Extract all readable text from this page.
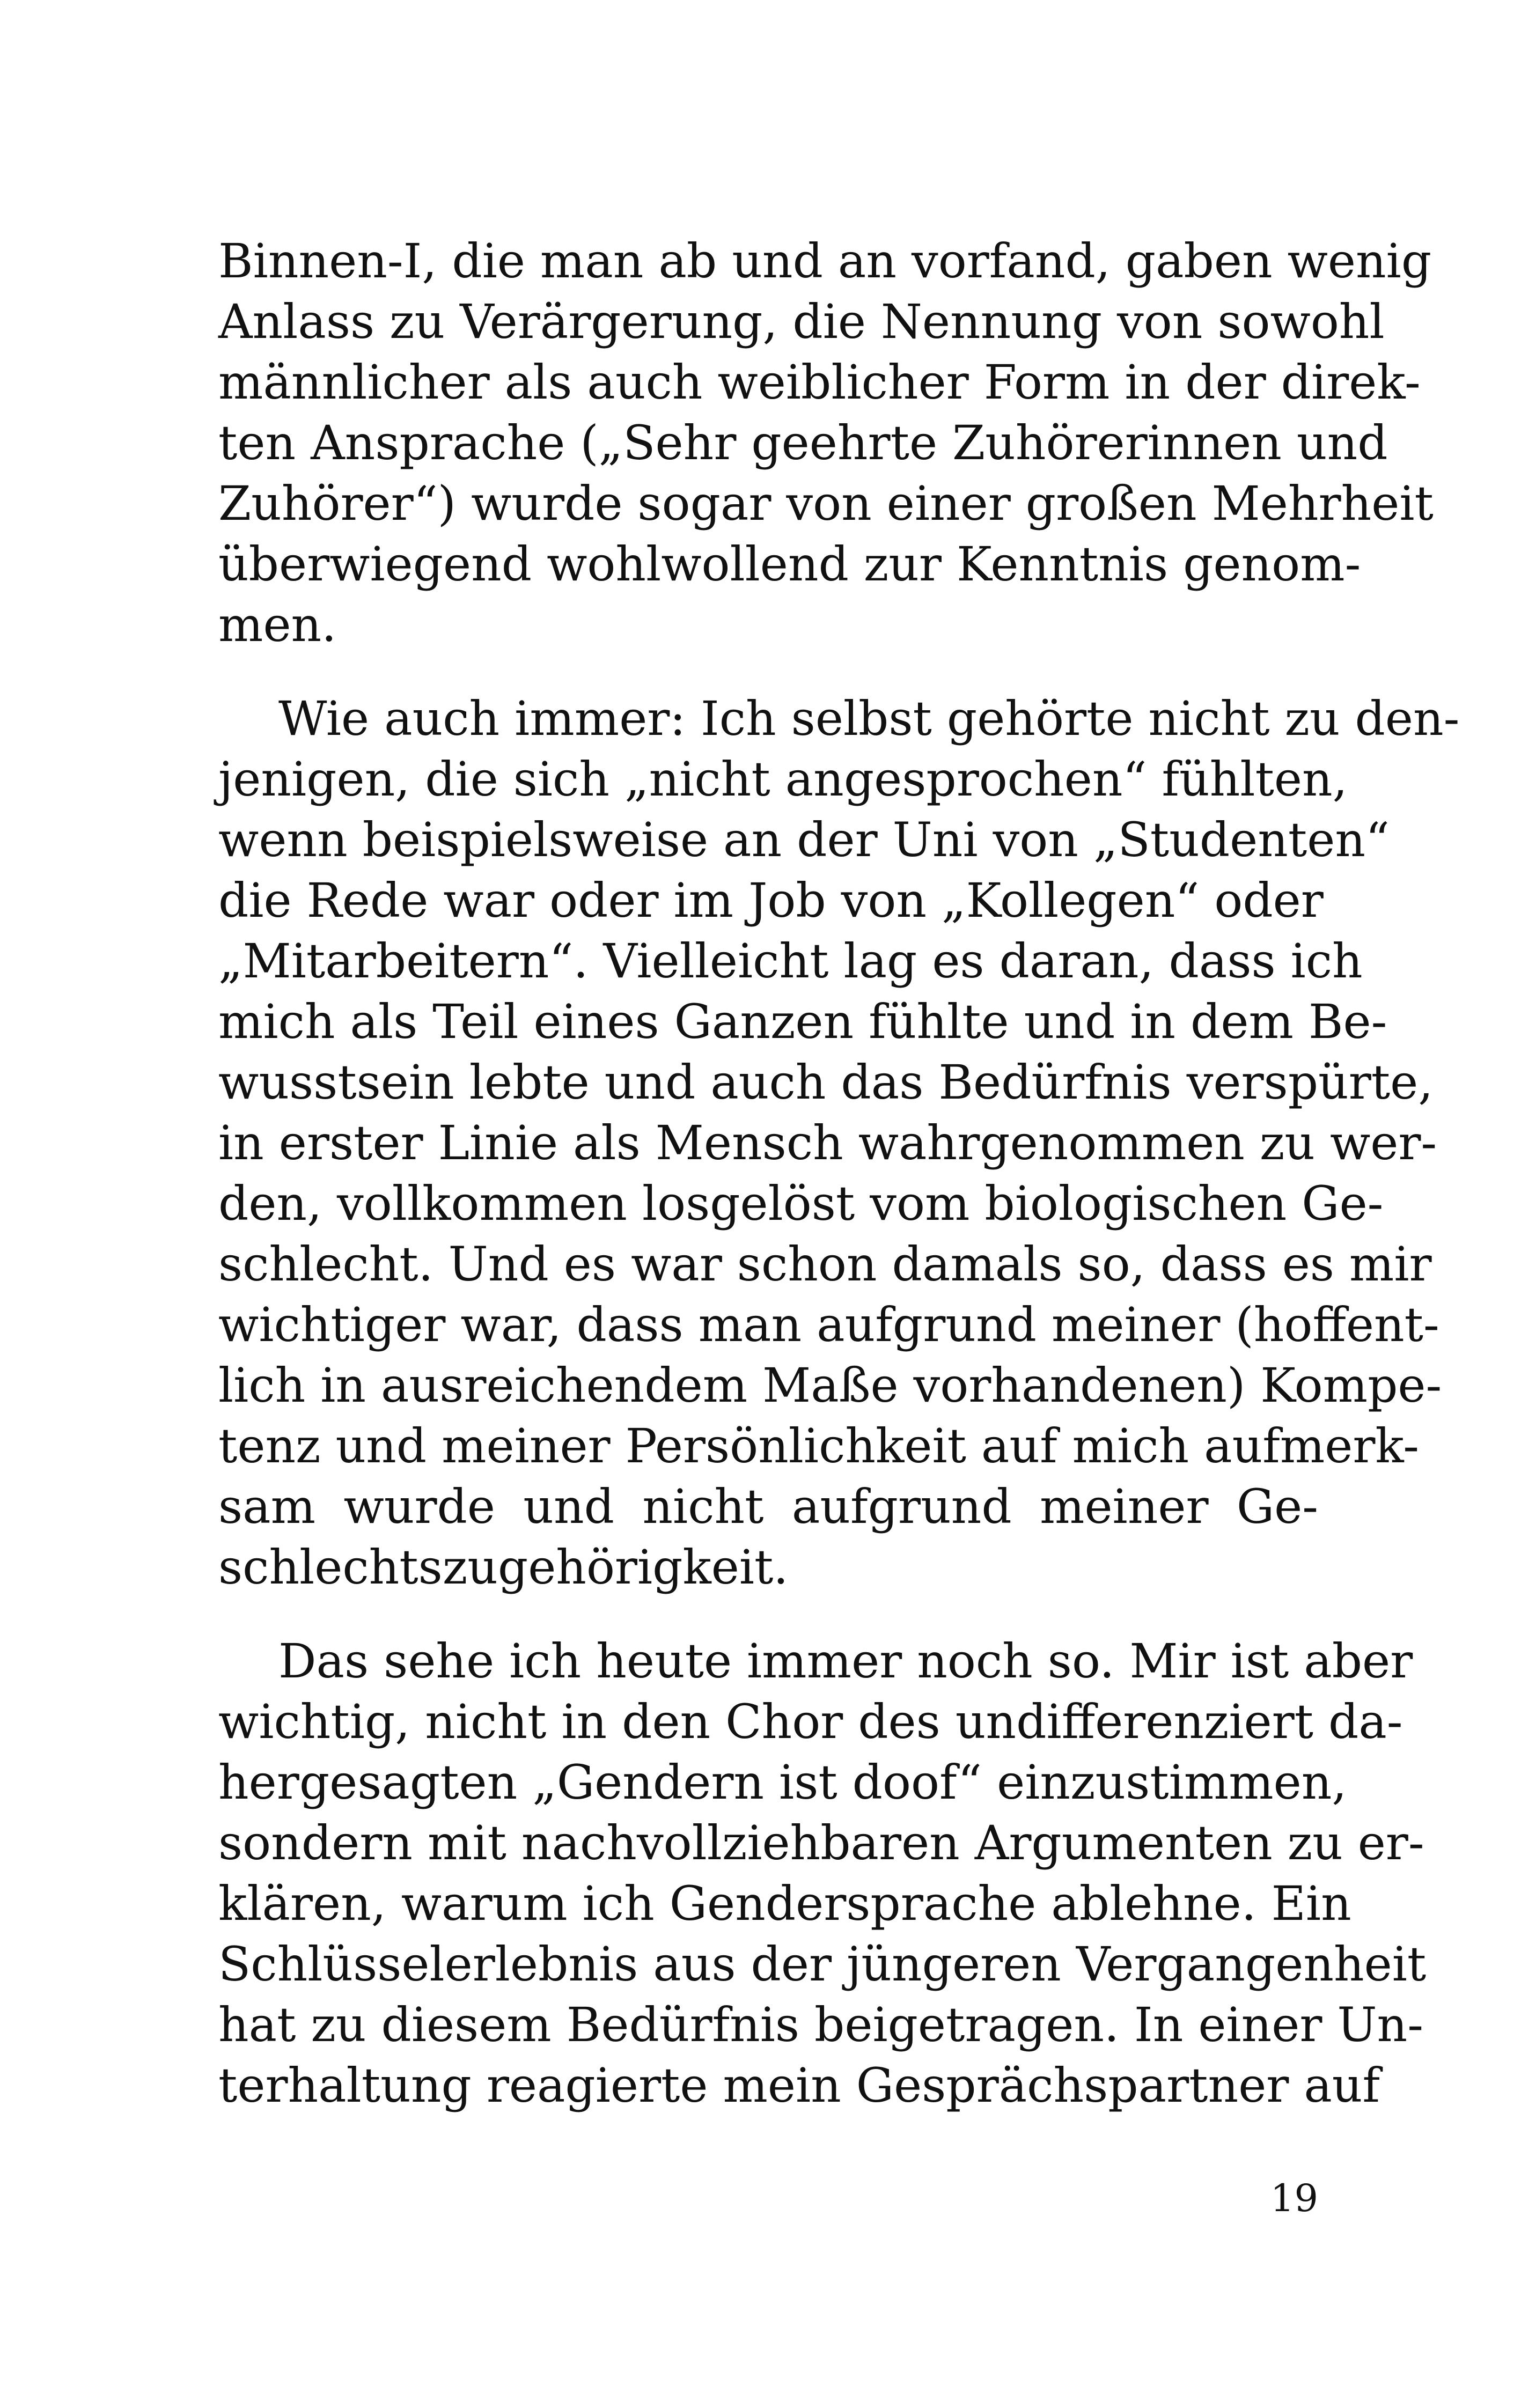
Binnen-I, die man ab und an vorfand, gaben wenig
Anlass zu Verärgerung, die Nennung von sowohl
männlicher als auch weiblicher Form in der direk-
ten Ansprache („Sehr geehrte Zuhörerinnen und
Zuhörer“) wurde sogar von einer großen Mehrheit
überwiegend wohlwollend zur Kenntnis genom-
men.
Wie auch immer: Ich selbst gehörte nicht zu den-
jenigen, die sich „nicht angesprochen“ fühlten,
wenn beispielsweise an der Uni von „Studenten“
die Rede war oder im Job von „Kollegen“ oder
„Mitarbeitern“. Vielleicht lag es daran, dass ich
mich als Teil eines Ganzen fühlte und in dem Be-
wusstsein lebte und auch das Bedürfnis verspürte,
in erster Linie als Mensch wahrgenommen zu wer-
den, vollkommen losgelöst vom biologischen Ge-
schlecht. Und es war schon damals so, dass es mir
wichtiger war, dass man aufgrund meiner (hoffent-
lich in ausreichendem Maße vorhandenen) Kompe-
tenz und meiner Persönlichkeit auf mich aufmerk-
sam wurde und nicht aufgrund meiner Ge-
schlechtszugehörigkeit.
Das sehe ich heute immer noch so. Mir ist aber
wichtig, nicht in den Chor des undifferenziert da-
hergesagten „Gendern ist doof“ einzustimmen,
sondern mit nachvollziehbaren Argumenten zu er-
klären, warum ich Gendersprache ablehne. Ein
Schlüsselerlebnis aus der jüngeren Vergangenheit
hat zu diesem Bedürfnis beigetragen. In einer Un-
terhaltung reagierte mein Gesprächspartner auf
19
